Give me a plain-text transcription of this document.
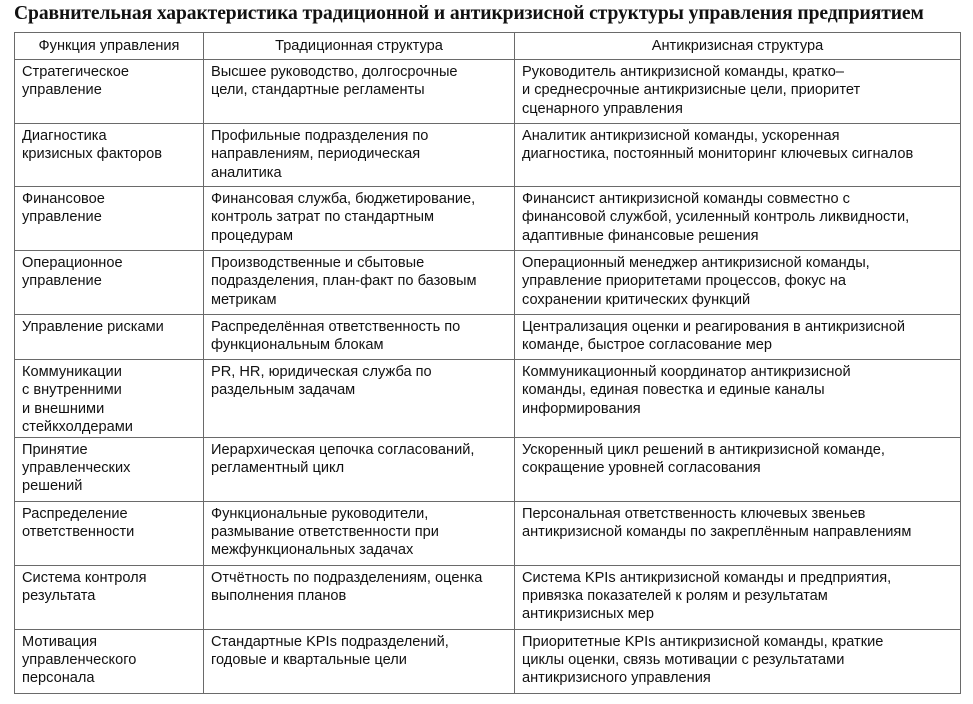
Сравнительная характеристика традиционной и антикризисной структуры управления предприятием
Функция управления	Традиционная структура	Антикризисная структура

Стратегическое
управление	Высшее руководство, долгосрочные
цели, стандартные регламенты	Руководитель антикризисной команды, кратко–
и среднесрочные антикризисные цели, приоритет
сценарного управления

Диагностика
кризисных факторов	Профильные подразделения по
направлениям, периодическая
аналитика	Аналитик антикризисной команды, ускоренная
диагностика, постоянный мониторинг ключевых сигналов

Финансовое
управление	Финансовая служба, бюджетирование,
контроль затрат по стандартным
процедурам	Финансист антикризисной команды совместно с
финансовой службой, усиленный контроль ликвидности,
адаптивные финансовые решения

Операционное
управление	Производственные и сбытовые
подразделения, план-факт по базовым
метрикам	Операционный менеджер антикризисной команды,
управление приоритетами процессов, фокус на
сохранении критических функций

Управление рисками	Распределённая ответственность по
функциональным блокам	Централизация оценки и реагирования в антикризисной
команде, быстрое согласование мер

Коммуникации
с внутренними
и внешними
стейкхолдерами	PR, HR, юридическая служба по
раздельным задачам	Коммуникационный координатор антикризисной
команды, единая повестка и единые каналы
информирования

Принятие
управленческих
решений	Иерархическая цепочка согласований,
регламентный цикл	Ускоренный цикл решений в антикризисной команде,
сокращение уровней согласования

Распределение
ответственности	Функциональные руководители,
размывание ответственности при
межфункциональных задачах	Персональная ответственность ключевых звеньев
антикризисной команды по закреплённым направлениям

Система контроля
результата	Отчётность по подразделениям, оценка
выполнения планов	Система KPIs антикризисной команды и предприятия,
привязка показателей к ролям и результатам
антикризисных мер

Мотивация
управленческого
персонала	Стандартные KPIs подразделений,
годовые и квартальные цели	Приоритетные KPIs антикризисной команды, краткие
циклы оценки, связь мотивации с результатами
антикризисного управления
